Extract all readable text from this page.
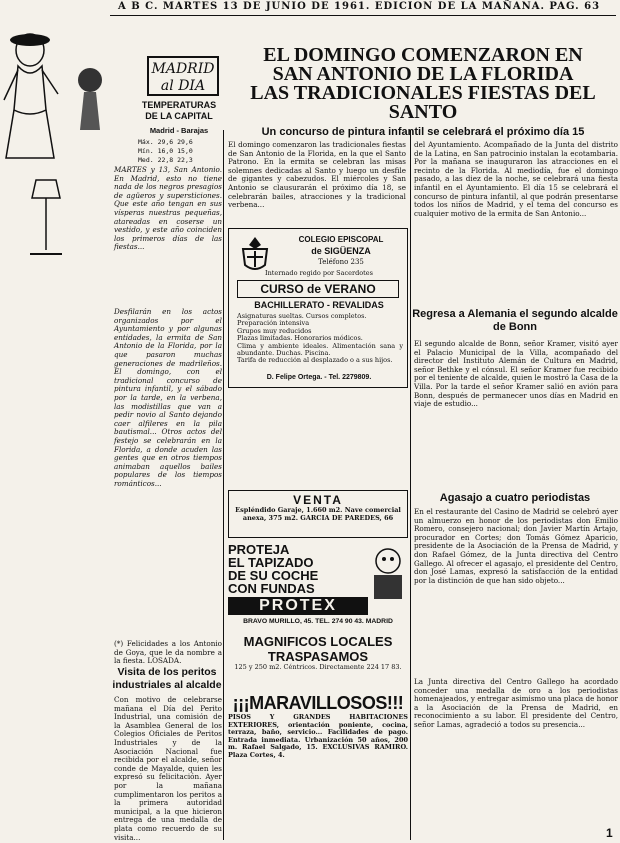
A B C. MARTES 13 DE JUNIO DE 1961. EDICION DE LA MAÑANA. PAG. 63
MADRID
al DIA
TEMPERATURAS
DE LA CAPITAL
Madrid - Barajas
Máx. 29,6 29,6
Mín. 16,0 15,0
Med. 22,8 22,3
MARTES y 13, San Antonio. En Madrid, esto no tiene nada de los negros presagios de agüeros y supersticiones. Que este año tengan en sus vísperas nuestras pequeñas, atareadas en coserse un vestido, y este año coinciden los primeros días de las fiestas...
Desfilarán en los actos organizados por el Ayuntamiento y por algunas entidades, la ermita de San Antonio de la Florida, por la que pasaron muchas generaciones de madrileños. El domingo, con el tradicional concurso de pintura infantil, y el sábado por la tarde, en la verbena, las modistillas que van a pedir novio al Santo dejando caer alfileres en la pila bautismal... Otros actos del festejo se celebrarán en la Florida, a donde acuden las gentes que en otros tiempos animaban aquellos bailes populares de los tiempos románticos...
(*) Felicidades a los Antonio de Goya, que le da nombre a la fiesta. LOSADA.
Visita de los peritos industriales al alcalde
Con motivo de celebrarse mañana el Día del Perito Industrial, una comisión de la Asamblea General de los Colegios Oficiales de Peritos Industriales y de la Asociación Nacional fue recibida por el alcalde, señor conde de Mayalde, quien les expresó su felicitación. Ayer por la mañana cumplimentaron los peritos a la primera autoridad municipal, a la que hicieron entrega de una medalla de plata como recuerdo de su visita...
EL DOMINGO COMENZARON EN
SAN ANTONIO DE LA FLORIDA
LAS TRADICIONALES FIESTAS DEL
SANTO
Un concurso de pintura infantil se celebrará el próximo día 15
El domingo comenzaron las tradicionales fiestas de San Antonio de la Florida, en la que el Santo Patrono. En la ermita se celebran las misas solemnes dedicadas al Santo y luego un desfile de gigantes y cabezudos. El miércoles y San Antonio se clausurarán el próximo día 18, se celebrarán bailes, atracciones y la tradicional verbena...
COLEGIO EPISCOPAL
de SIGÜENZA
Teléfono 235
Internado regido por Sacerdotes
CURSO de VERANO
BACHILLERATO - REVALIDAS
Asignaturas sueltas. Cursos completos.
Preparación intensiva
Grupos muy reducidos
Plazas limitadas. Honorarios módicos.
Clima y ambiente ideales. Alimentación sana y abundante. Duchas. Piscina.
Tarifa de reducción al desplazado o a sus hijos.
D. Felipe Ortega. - Tel. 2279809.
VENTA
Espléndido Garaje, 1.660 m2. Nave comercial anexa, 375 m2. GARCIA DE PAREDES, 66
PROTEJA
EL TAPIZADO
DE SU COCHE
CON FUNDAS
PROTEX
BRAVO MURILLO, 45. TEL. 274 90 43. MADRID
MAGNIFICOS LOCALES
TRASPASAMOS
125 y 250 m2. Céntricos. Directamente 224 17 83.
¡¡¡MARAVILLOSOS!!!
PISOS Y GRANDES HABITACIONES EXTERIORES, orientación poniente, cocina, terraza, baño, servicio... Facilidades de pago. Entrada inmediata. Urbanización 50 años, 200 m. Rafael Salgado, 15. EXCLUSIVAS RAMIRO. Plaza Cortes, 4.
del Ayuntamiento. Acompañado de la Junta del distrito de la Latina, en San patrocinio instalan la ecotambaria. Por la mañana se inauguraron las atracciones en el recinto de la Florida. Al mediodía, fue el domingo pasado, a las diez de la noche, se celebrará una fiesta infantil en el Ayuntamiento. El día 15 se celebrará el concurso de pintura infantil, al que podrán presentarse todos los niños de Madrid, y el tema del concurso es cualquier motivo de la ermita de San Antonio...
Regresa a Alemania el segundo alcalde de Bonn
El segundo alcalde de Bonn, señor Kramer, visitó ayer el Palacio Municipal de la Villa, acompañado del director del Instituto Alemán de Cultura en Madrid, señor Bethke y el cónsul. El señor Kramer fue recibido por el teniente de alcalde, quien le mostró la Casa de la Villa. Por la tarde el señor Kramer salió en avión para Bonn, después de permanecer unos días en Madrid en viaje de estudio...
Agasajo a cuatro periodistas
En el restaurante del Casino de Madrid se celebró ayer un almuerzo en honor de los periodistas don Emilio Romero, consejero nacional; don Javier Martín Artajo, procurador en Cortes; don Tomás Gómez Aparicio, presidente de la Asociación de la Prensa de Madrid, y don Rafael Gómez, de la Junta directiva del Centro Gallego. Al ofrecer el agasajo, el presidente del Centro, don José Lamas, expresó la satisfacción de la entidad por la distinción de que han sido objeto...
La Junta directiva del Centro Gallego ha acordado conceder una medalla de oro a los periodistas homenajeados, y entregar asimismo una placa de honor a la Asociación de la Prensa de Madrid, en reconocimiento a su labor. El presidente del Centro, señor Lamas, agradeció a todos su presencia...
1
